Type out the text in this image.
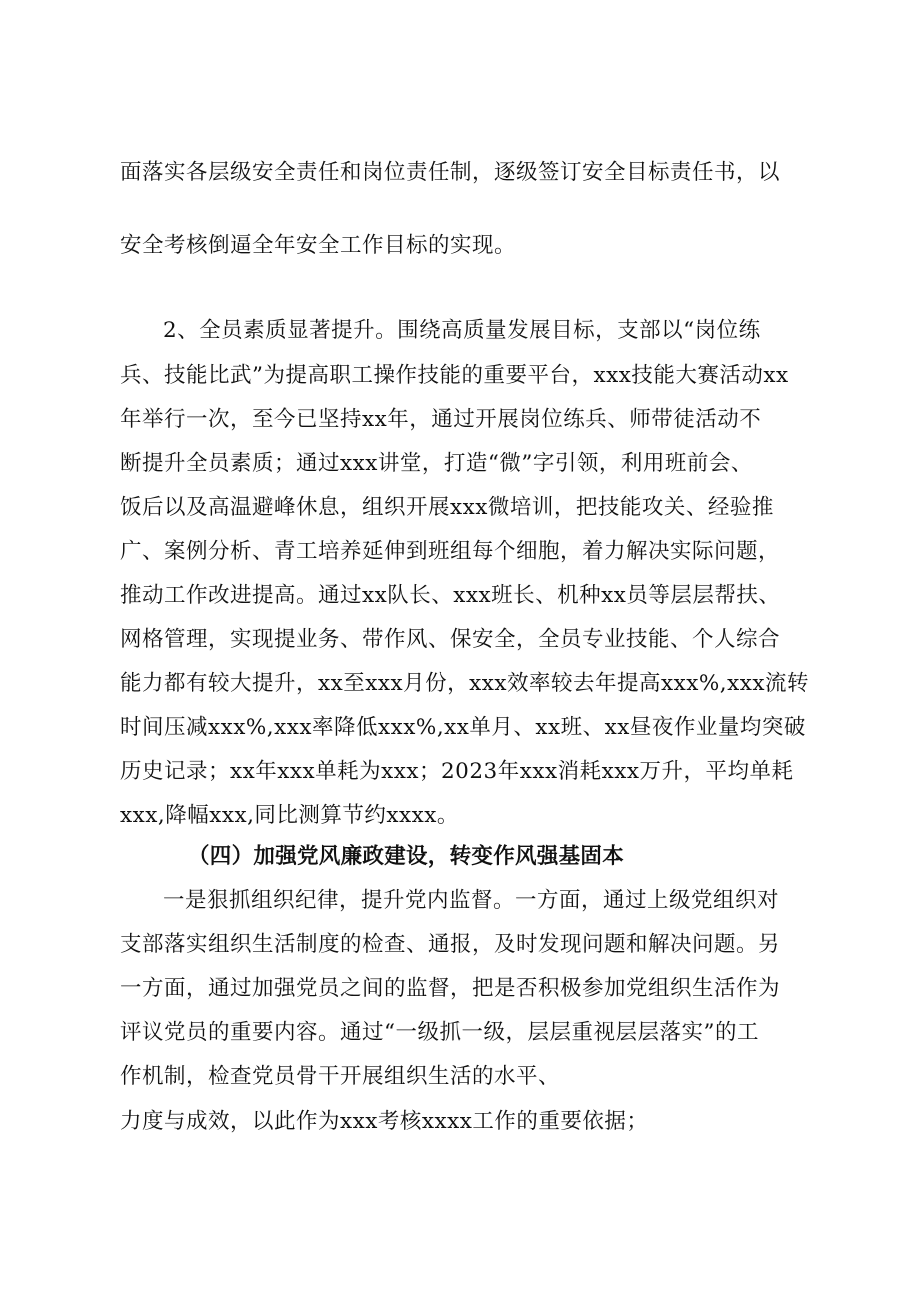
面落实各层级安全责任和岗位责任制，逐级签订安全目标责任书，以
安全考核倒逼全年安全工作目标的实现。
2、全员素质显著提升。围绕高质量发展目标，支部以“岗位练
兵、技能比武”为提高职工操作技能的重要平台，xxx技能大赛活动xx
年举行一次，至今已坚持xx年，通过开展岗位练兵、师带徒活动不
断提升全员素质；通过xxx讲堂，打造“微”字引领，利用班前会、
饭后以及高温避峰休息，组织开展xxx微培训，把技能攻关、经验推
广、案例分析、青工培养延伸到班组每个细胞，着力解决实际问题，
推动工作改进提高。通过xx队长、xxx班长、机种xx员等层层帮扶、
网格管理，实现提业务、带作风、保安全，全员专业技能、个人综合
能力都有较大提升，xx至xxx月份，xxx效率较去年提高xxx%,xxx流转
时间压减xxx%,xxx率降低xxx%,xx单月、xx班、xx昼夜作业量均突破
历史记录；xx年xxx单耗为xxx；2023年xxx消耗xxx万升，平均单耗
xxx,降幅xxx,同比测算节约xxxx。
（四）加强党风廉政建设，转变作风强基固本
一是狠抓组织纪律，提升党内监督。一方面，通过上级党组织对
支部落实组织生活制度的检查、通报，及时发现问题和解决问题。另
一方面，通过加强党员之间的监督，把是否积极参加党组织生活作为
评议党员的重要内容。通过“一级抓一级，层层重视层层落实”的工
作机制，检查党员骨干开展组织生活的水平、
力度与成效，以此作为xxx考核xxxx工作的重要依据；
